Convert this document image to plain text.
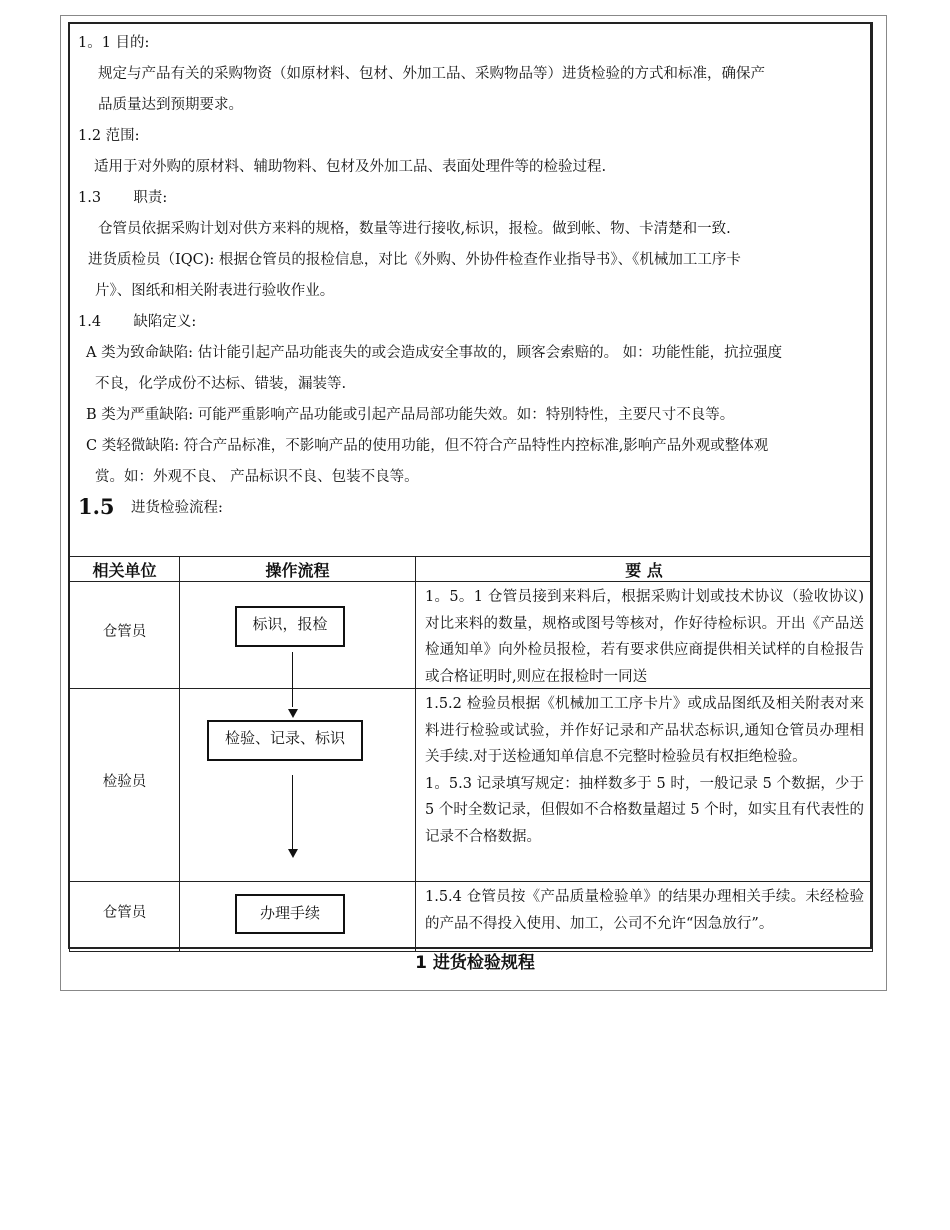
1。1 目的:
规定与产品有关的采购物资（如原材料、包材、外加工品、采购物品等）进货检验的方式和标准，确保产
品质量达到预期要求。
1.2 范围:
适用于对外购的原材料、辅助物料、包材及外加工品、表面处理件等的检验过程.
1.3       职责:
仓管员依据采购计划对供方来料的规格，数量等进行接收,标识，报检。做到帐、物、卡清楚和一致.
进货质检员（IQC): 根据仓管员的报检信息，对比《外购、外协件检查作业指导书》、《机械加工工序卡
片》、图纸和相关附表进行验收作业。
1.4       缺陷定义:
A 类为致命缺陷: 估计能引起产品功能丧失的或会造成安全事故的，顾客会索赔的。 如：功能性能，抗拉强度
不良，化学成份不达标、错装，漏装等.
B 类为严重缺陷: 可能严重影响产品功能或引起产品局部功能失效。如：特别特性，主要尺寸不良等。
C 类轻微缺陷: 符合产品标准，不影响产品的使用功能，但不符合产品特性内控标准,影响产品外观或整体观
赏。如：外观不良、 产品标识不良、包装不良等。
1.5 进货检验流程:
相关单位	操作流程	要 点

仓管员	标识，报检	1。5。1 仓管员接到来料后，根据采购计划或技术协议（验收协议)对比来料的数量，规格或图号等核对，作好待检标识。开出《产品送检通知单》向外检员报检，若有要求供应商提供相关试样的自检报告或合格证明时,则应在报检时一同送

检验员	检验、记录、标识	1.5.2 检验员根据《机械加工工序卡片》或成品图纸及相关附表对来料进行检验或试验，并作好记录和产品状态标识,通知仓管员办理相关手续.对于送检通知单信息不完整时检验员有权拒绝检验。
1。5.3 记录填写规定：抽样数多于 5 时，一般记录 5 个数据，少于 5 个时全数记录，但假如不合格数量超过 5 个时，如实且有代表性的记录不合格数据。

仓管员	办理手续	1.5.4 仓管员按《产品质量检验单》的结果办理相关手续。未经检验的产品不得投入使用、加工，公司不允许“因急放行”。
1 进货检验规程
